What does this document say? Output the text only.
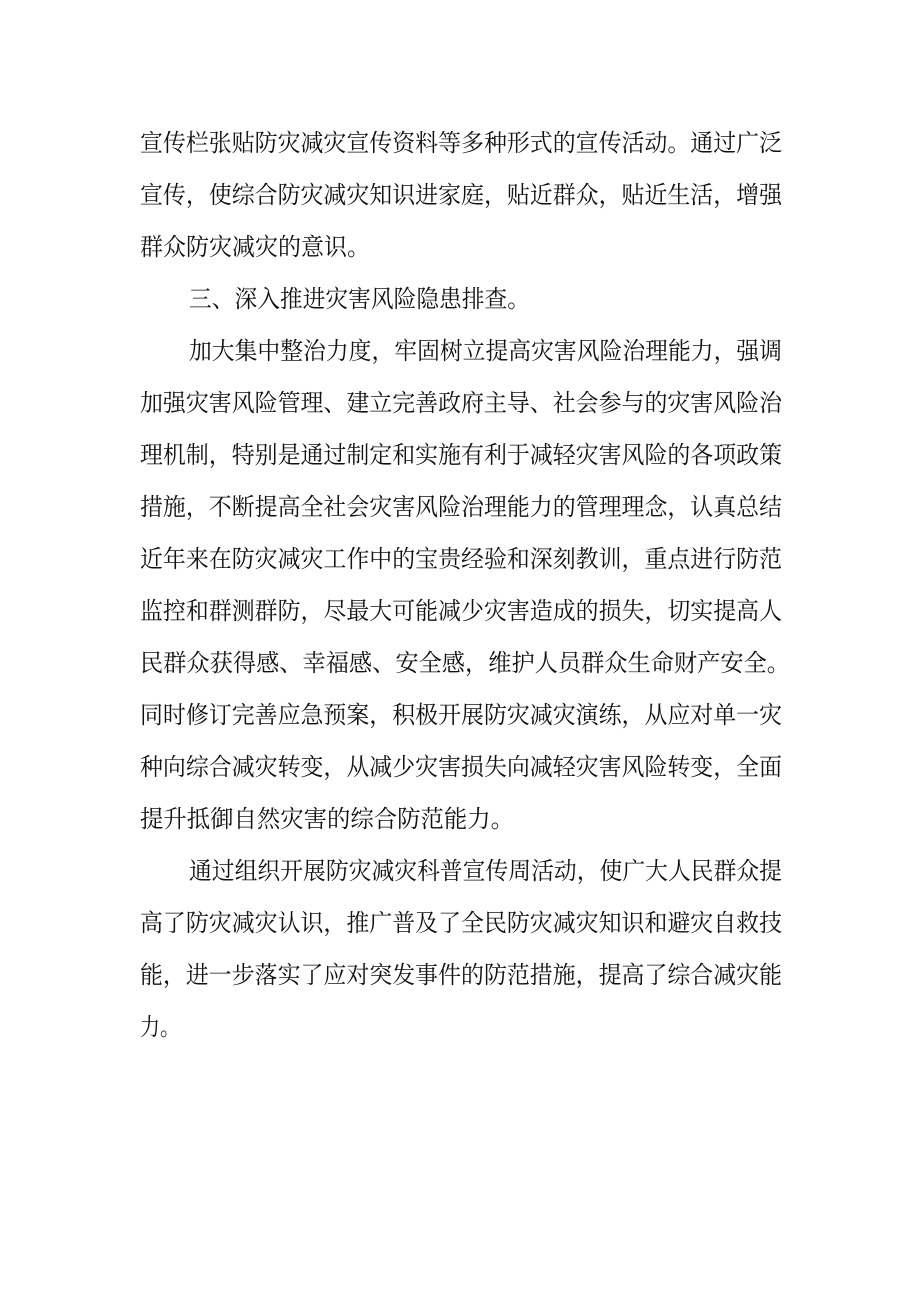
宣传栏张贴防灾减灾宣传资料等多种形式的宣传活动。通过广泛
宣传，使综合防灾减灾知识进家庭，贴近群众，贴近生活，增强
群众防灾减灾的意识。
三、深入推进灾害风险隐患排查。
加大集中整治力度，牢固树立提高灾害风险治理能力，强调
加强灾害风险管理、建立完善政府主导、社会参与的灾害风险治
理机制，特别是通过制定和实施有利于减轻灾害风险的各项政策
措施，不断提高全社会灾害风险治理能力的管理理念，认真总结
近年来在防灾减灾工作中的宝贵经验和深刻教训，重点进行防范
监控和群测群防，尽最大可能减少灾害造成的损失，切实提高人
民群众获得感、幸福感、安全感，维护人员群众生命财产安全。
同时修订完善应急预案，积极开展防灾减灾演练，从应对单一灾
种向综合减灾转变，从减少灾害损失向减轻灾害风险转变，全面
提升抵御自然灾害的综合防范能力。
通过组织开展防灾减灾科普宣传周活动，使广大人民群众提
高了防灾减灾认识，推广普及了全民防灾减灾知识和避灾自救技
能，进一步落实了应对突发事件的防范措施，提高了综合减灾能
力。
